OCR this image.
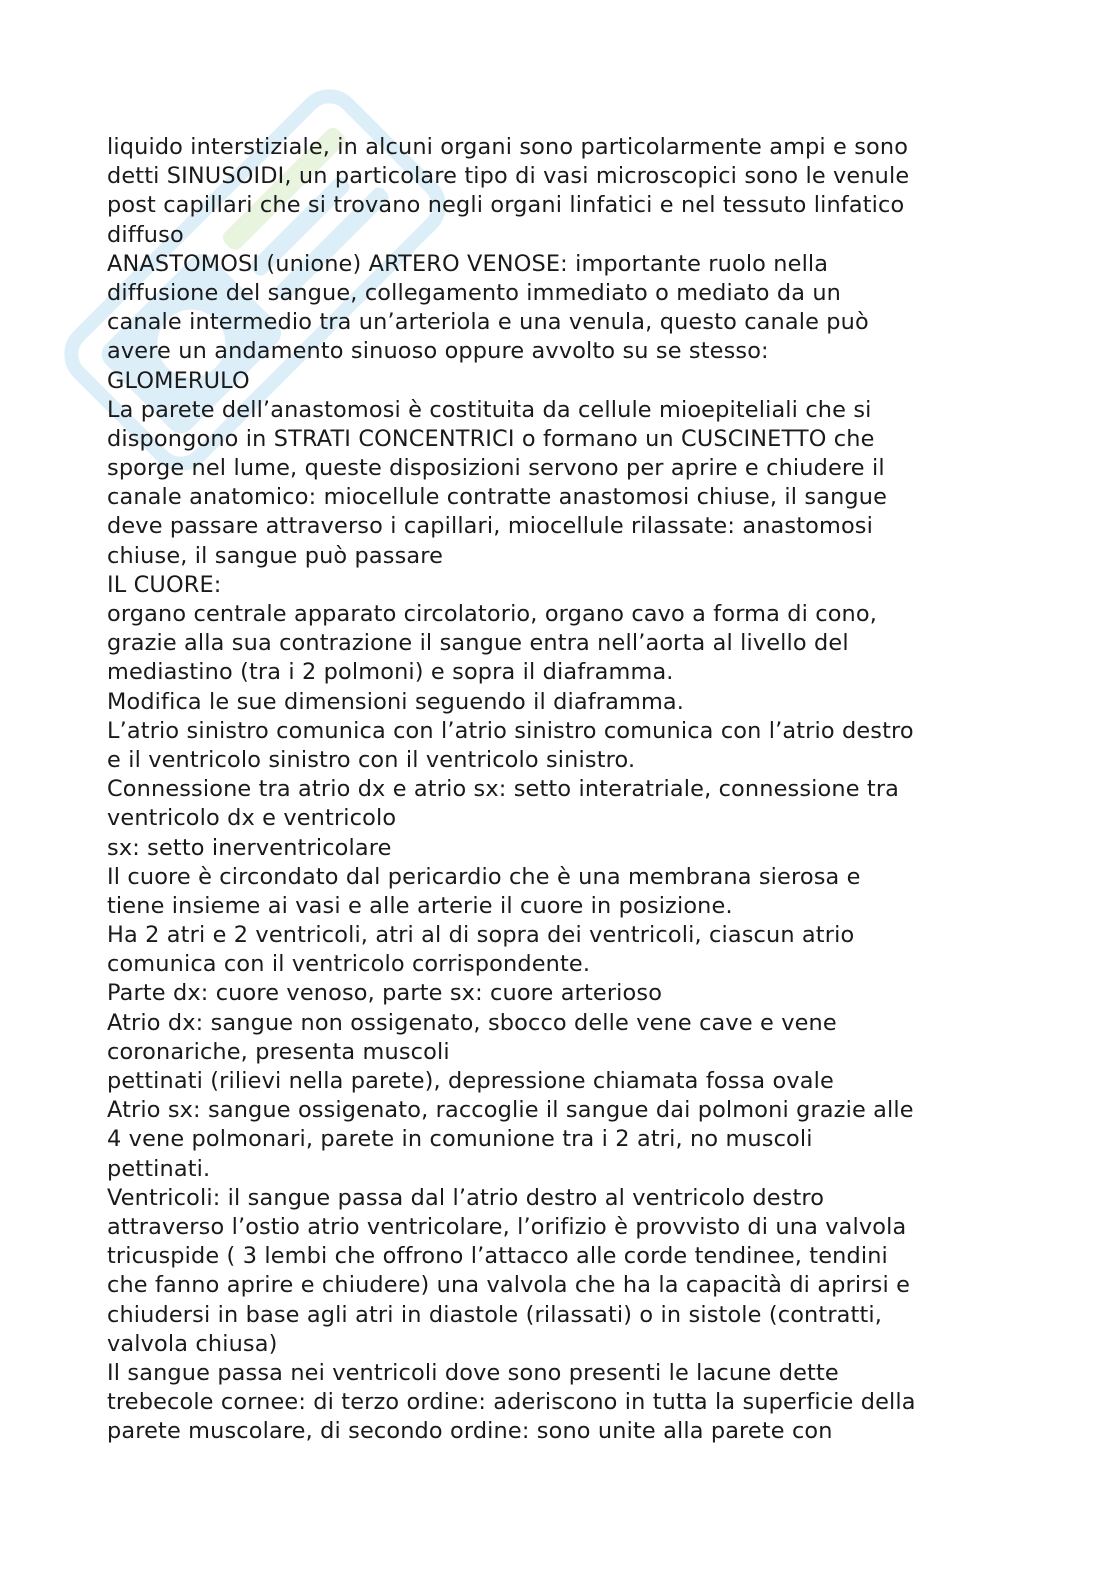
liquido interstiziale, in alcuni organi sono particolarmente ampi e sono
detti SINUSOIDI, un particolare tipo di vasi microscopici sono le venule
post capillari che si trovano negli organi linfatici e nel tessuto linfatico
diffuso
ANASTOMOSI (unione) ARTERO VENOSE: importante ruolo nella
diffusione del sangue, collegamento immediato o mediato da un
canale intermedio tra un’arteriola e una venula, questo canale può
avere un andamento sinuoso oppure avvolto su se stesso:
GLOMERULO
La parete dell’anastomosi è costituita da cellule mioepiteliali che si
dispongono in STRATI CONCENTRICI o formano un CUSCINETTO che
sporge nel lume, queste disposizioni servono per aprire e chiudere il
canale anatomico: miocellule contratte anastomosi chiuse, il sangue
deve passare attraverso i capillari, miocellule rilassate: anastomosi
chiuse, il sangue può passare
IL CUORE:
organo centrale apparato circolatorio, organo cavo a forma di cono,
grazie alla sua contrazione il sangue entra nell’aorta al livello del
mediastino (tra i 2 polmoni) e sopra il diaframma.
Modifica le sue dimensioni seguendo il diaframma.
L’atrio sinistro comunica con l’atrio sinistro comunica con l’atrio destro
e il ventricolo sinistro con il ventricolo sinistro.
Connessione tra atrio dx e atrio sx: setto interatriale, connessione tra
ventricolo dx e ventricolo
sx: setto inerventricolare
Il cuore è circondato dal pericardio che è una membrana sierosa e
tiene insieme ai vasi e alle arterie il cuore in posizione.
Ha 2 atri e 2 ventricoli, atri al di sopra dei ventricoli, ciascun atrio
comunica con il ventricolo corrispondente.
Parte dx: cuore venoso, parte sx: cuore arterioso
Atrio dx: sangue non ossigenato, sbocco delle vene cave e vene
coronariche, presenta muscoli
pettinati (rilievi nella parete), depressione chiamata fossa ovale
Atrio sx: sangue ossigenato, raccoglie il sangue dai polmoni grazie alle
4 vene polmonari, parete in comunione tra i 2 atri, no muscoli
pettinati.
Ventricoli: il sangue passa dal l’atrio destro al ventricolo destro
attraverso l’ostio atrio ventricolare, l’orifizio è provvisto di una valvola
tricuspide ( 3 lembi che offrono l’attacco alle corde tendinee, tendini
che fanno aprire e chiudere) una valvola che ha la capacità di aprirsi e
chiudersi in base agli atri in diastole (rilassati) o in sistole (contratti,
valvola chiusa)
Il sangue passa nei ventricoli dove sono presenti le lacune dette
trebecole cornee: di terzo ordine: aderiscono in tutta la superficie della
parete muscolare, di secondo ordine: sono unite alla parete con
